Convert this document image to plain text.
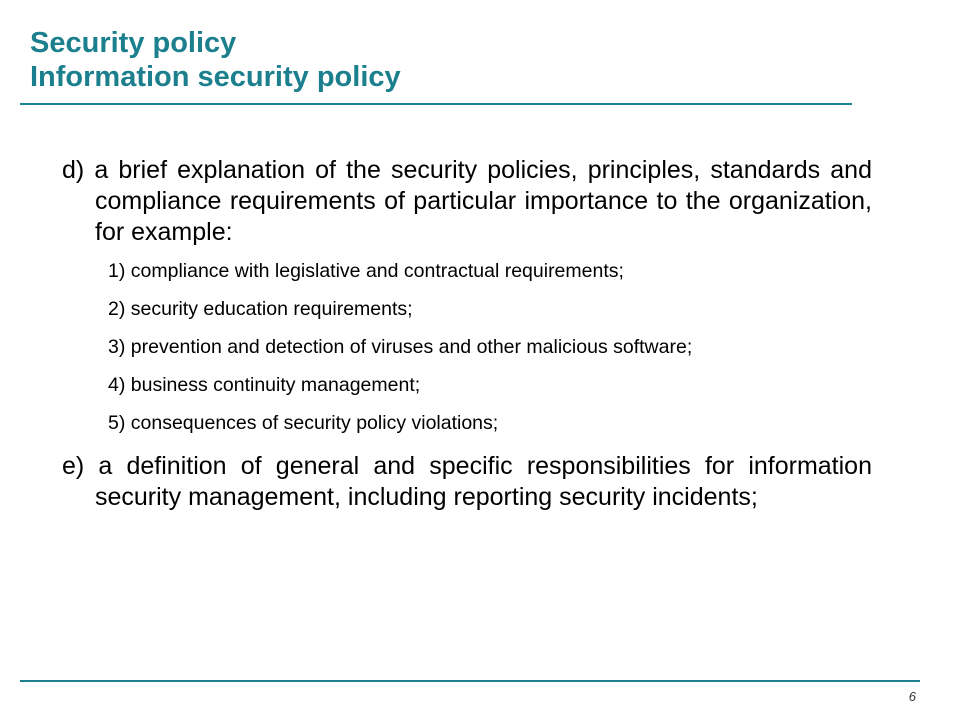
Security policy
Information security policy
d) a brief explanation of the security policies, principles, standards and compliance requirements of particular importance to the organization, for example:
1) compliance with legislative and contractual requirements;
2) security education requirements;
3) prevention and detection of viruses and other malicious software;
4) business continuity management;
5) consequences of security policy violations;
e) a definition of general and specific responsibilities for information security management, including reporting security incidents;
6
